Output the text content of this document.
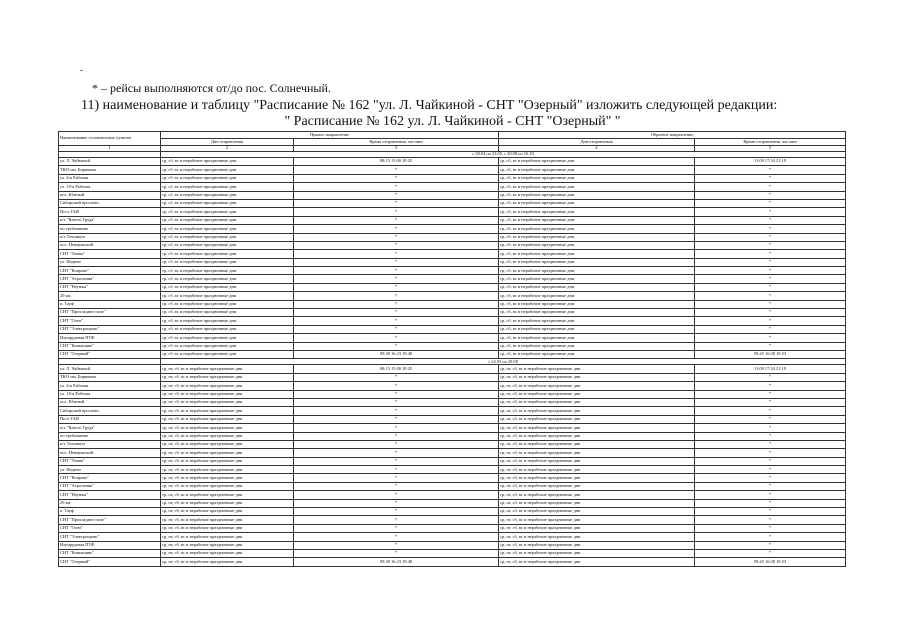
* – рейсы выполняются от/до пос. Солнечный.
11) наименование и таблицу "Расписание № 162 "ул. Л. Чайкиной - СНТ "Озерный" изложить следующей редакции:
" Расписание № 162 ул. Л. Чайкиной - СНТ "Озерный" "
Наименование остановочных пунктов	Прямое направление		Обратное направление	
	Дни отправления	Время отправления, час:мин	Дни отправления	Время отправления, час:мин
1	2	3	4	5
	с 30.04 по 23.05, с 30.08 по 16.10			
ул. Л. Чайкиной	ср, сб, вс и нерабочие праздничные дни	08:15 13:00 18:25	ср, сб, вс и нерабочие праздничные дни	11:09 17:34 21:19
ТЮЗ им. Бирюкова	ср, сб, вс и нерабочие праздничные дни	*	ср, сб, вс и нерабочие праздничные дни	*
ул. 4-я Рабочая	ср, сб, вс и нерабочие праздничные дни	*	ср, сб, вс и нерабочие праздничные дни	*
ул. 19-я Рабочая	ср, сб, вс и нерабочие праздничные дни	*	ср, сб, вс и нерабочие праздничные дни	*
пос. Южный	ср, сб, вс и нерабочие праздничные дни	*	ср, сб, вс и нерабочие праздничные дни	*
Сибирский проспект	ср, сб, вс и нерабочие праздничные дни	*	ср, сб, вс и нерабочие праздничные дни	*
Пост ГАИ	ср, сб, вс и нерабочие праздничные дни	*	ср, сб, вс и нерабочие праздничные дни	*
к/х "Власть Труда"	ср, сб, вс и нерабочие праздничные дни	*	ср, сб, вс и нерабочие праздничные дни	*
по требованию	ср, сб, вс и нерабочие праздничные дни	*	ср, сб, вс и нерабочие праздничные дни	*
к/х Техникум	ср, сб, вс и нерабочие праздничные дни	*	ср, сб, вс и нерабочие праздничные дни	*
пос. Неверовский	ср, сб, вс и нерабочие праздничные дни	*	ср, сб, вс и нерабочие праздничные дни	*
СНТ "Лиана"	ср, сб, вс и нерабочие праздничные дни	*	ср, сб, вс и нерабочие праздничные дни	*
ул. Федино	ср, сб, вс и нерабочие праздничные дни	*	ср, сб, вс и нерабочие праздничные дни	*
СНТ "Коврово"	ср, сб, вс и нерабочие праздничные дни	*	ср, сб, вс и нерабочие праздничные дни	*
СНТ "Агросиния"	ср, сб, вс и нерабочие праздничные дни	*	ср, сб, вс и нерабочие праздничные дни	*
СНТ "Неунжа"	ср, сб, вс и нерабочие праздничные дни	*	ср, сб, вс и нерабочие праздничные дни	*
29 км	ср, сб, вс и нерабочие праздничные дни	*	ср, сб, вс и нерабочие праздничные дни	*
п. Тауф	ср, сб, вс и нерабочие праздничные дни	*	ср, сб, вс и нерабочие праздничные дни	*
СНТ "Прохладное поле"	ср, сб, вс и нерабочие праздничные дни	*	ср, сб, вс и нерабочие праздничные дни	*
СНТ "Олеп"	ср, сб, вс и нерабочие праздничные дни	*	ср, сб, вс и нерабочие праздничные дни	*
СНТ "Электроправс"	ср, сб, вс и нерабочие праздничные дни	*	ср, сб, вс и нерабочие праздничные дни	*
Изумрудовая ПТФ	ср, сб, вс и нерабочие праздничные дни	*	ср, сб, вс и нерабочие праздничные дни	*
СНТ "Камышинь"	ср, сб, вс и нерабочие праздничные дни	*	ср, сб, вс и нерабочие праздничные дни	*
СНТ "Озерный"	ср, сб, вс и нерабочие праздничные дни	09:38 16:23 19:48	ср, сб, вс и нерабочие праздничные дни	09:45 16:28 19:53
	с 24.05 по 29.08			
ул. Л. Чайкиной	ср, пт, сб, вс и нерабочие праздничные дни	08:15 15:00 18:25	ср, пт, сб, вс и нерабочие праздничные дни	11:09 17:34 21:19
ТЮЗ им. Бирюкова	ср, пт, сб, вс и нерабочие праздничные дни	*	ср, пт, сб, вс и нерабочие праздничные дни	*
ул. 4-я Рабочая	ср, пт, сб, вс и нерабочие праздничные дни	*	ср, пт, сб, вс и нерабочие праздничные дни	*
ул. 19-я Рабочая	ср, пт, сб, вс и нерабочие праздничные дни	*	ср, пт, сб, вс и нерабочие праздничные дни	*
пос. Южный	ср, пт, сб, вс и нерабочие праздничные дни	*	ср, пт, сб, вс и нерабочие праздничные дни	*
Сибирский проспект	ср, пт, сб, вс и нерабочие праздничные дни	*	ср, пт, сб, вс и нерабочие праздничные дни	*
Пост ГАИ	ср, пт, сб, вс и нерабочие праздничные дни	*	ср, пт, сб, вс и нерабочие праздничные дни	*
к/х "Власть Труда"	ср, пт, сб, вс и нерабочие праздничные дни	*	ср, пт, сб, вс и нерабочие праздничные дни	*
по требованию	ср, пт, сб, вс и нерабочие праздничные дни	*	ср, пт, сб, вс и нерабочие праздничные дни	*
к/х Техникум	ср, пт, сб, вс и нерабочие праздничные дни	*	ср, пт, сб, вс и нерабочие праздничные дни	*
пос. Неверовский	ср, пт, сб, вс и нерабочие праздничные дни	*	ср, пт, сб, вс и нерабочие праздничные дни	*
СНТ "Лиана"	ср, пт, сб, вс и нерабочие праздничные дни	*	ср, пт, сб, вс и нерабочие праздничные дни	*
ул. Федино	ср, пт, сб, вс и нерабочие праздничные дни	*	ср, пт, сб, вс и нерабочие праздничные дни	*
СНТ "Коврово"	ср, пт, сб, вс и нерабочие праздничные дни	*	ср, пт, сб, вс и нерабочие праздничные дни	*
СНТ "Агросиния"	ср, пт, сб, вс и нерабочие праздничные дни	*	ср, пт, сб, вс и нерабочие праздничные дни	*
СНТ "Неунжа"	ср, пт, сб, вс и нерабочие праздничные дни	*	ср, пт, сб, вс и нерабочие праздничные дни	*
29 км	ср, пт, сб, вс и нерабочие праздничные дни	*	ср, пт, сб, вс и нерабочие праздничные дни	*
п. Тауф	ср, пт, сб, вс и нерабочие праздничные дни	*	ср, пт, сб, вс и нерабочие праздничные дни	*
СНТ "Прохладное поле"	ср, пт, сб, вс и нерабочие праздничные дни	*	ср, пт, сб, вс и нерабочие праздничные дни	*
СНТ "Олеп"	ср, пт, сб, вс и нерабочие праздничные дни	*	ср, пт, сб, вс и нерабочие праздничные дни	*
СНТ "Электроправс"	ср, пт, сб, вс и нерабочие праздничные дни	*	ср, пт, сб, вс и нерабочие праздничные дни	*
Изумрудовая ПТФ	ср, пт, сб, вс и нерабочие праздничные дни	*	ср, пт, сб, вс и нерабочие праздничные дни	*
СНТ "Камышинь"	ср, пт, сб, вс и нерабочие праздничные дни	*	ср, пт, сб, вс и нерабочие праздничные дни	*
СНТ "Озерный"	ср, пт, сб, вс и нерабочие праздничные дни	09:38 16:23 19:48	ср, пт, сб, вс и нерабочие праздничные дни	09:43 16:28 19:53
